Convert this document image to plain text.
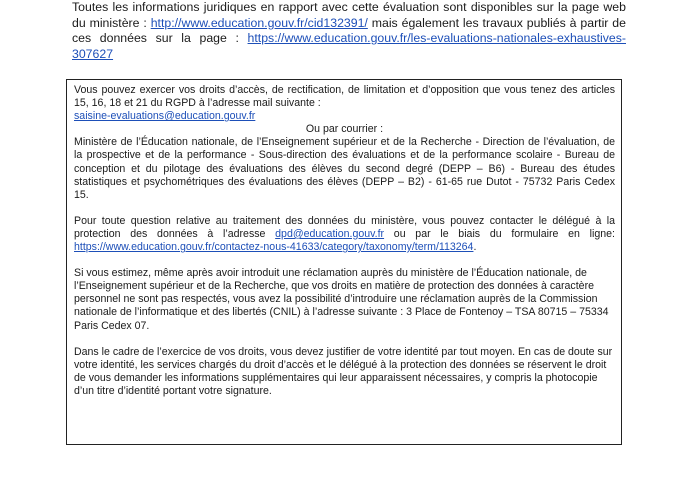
Toutes les informations juridiques en rapport avec cette évaluation sont disponibles sur la page web du ministère : http://www.education.gouv.fr/cid132391/ mais également les travaux publiés à partir de ces données sur la page : https://www.education.gouv.fr/les-evaluations-nationales-exhaustives-307627

Vous pouvez exercer vos droits d’accès, de rectification, de limitation et d’opposition que vous tenez des articles 15, 16, 18 et 21 du RGPD à l’adresse mail suivante :
saisine-evaluations@education.gouv.fr

Ou par courrier :

Ministère de l’Éducation nationale, de l’Enseignement supérieur et de la Recherche - Direction de l’évaluation, de la prospective et de la performance - Sous-direction des évaluations et de la performance scolaire - Bureau de conception et du pilotage des évaluations des élèves du second degré (DEPP – B6) - Bureau des études statistiques et psychométriques des évaluations des élèves (DEPP – B2) - 61-65 rue Dutot - 75732 Paris Cedex 15.

Pour toute question relative au traitement des données du ministère, vous pouvez contacter le délégué à la protection des données à l’adresse dpd@education.gouv.fr ou par le biais du formulaire en ligne: https://www.education.gouv.fr/contactez-nous-41633/category/taxonomy/term/113264.

Si vous estimez, même après avoir introduit une réclamation auprès du ministère de l’Éducation nationale, de l’Enseignement supérieur et de la Recherche, que vos droits en matière de protection des données à caractère personnel ne sont pas respectés, vous avez la possibilité d’introduire une réclamation auprès de la Commission nationale de l’informatique et des libertés (CNIL) à l’adresse suivante : 3 Place de Fontenoy – TSA 80715 – 75334 Paris Cedex 07.

Dans le cadre de l’exercice de vos droits, vous devez justifier de votre identité par tout moyen. En cas de doute sur votre identité, les services chargés du droit d’accès et le délégué à la protection des données se réservent le droit de vous demander les informations supplémentaires qui leur apparaissent nécessaires, y compris la photocopie d’un titre d’identité portant votre signature.
